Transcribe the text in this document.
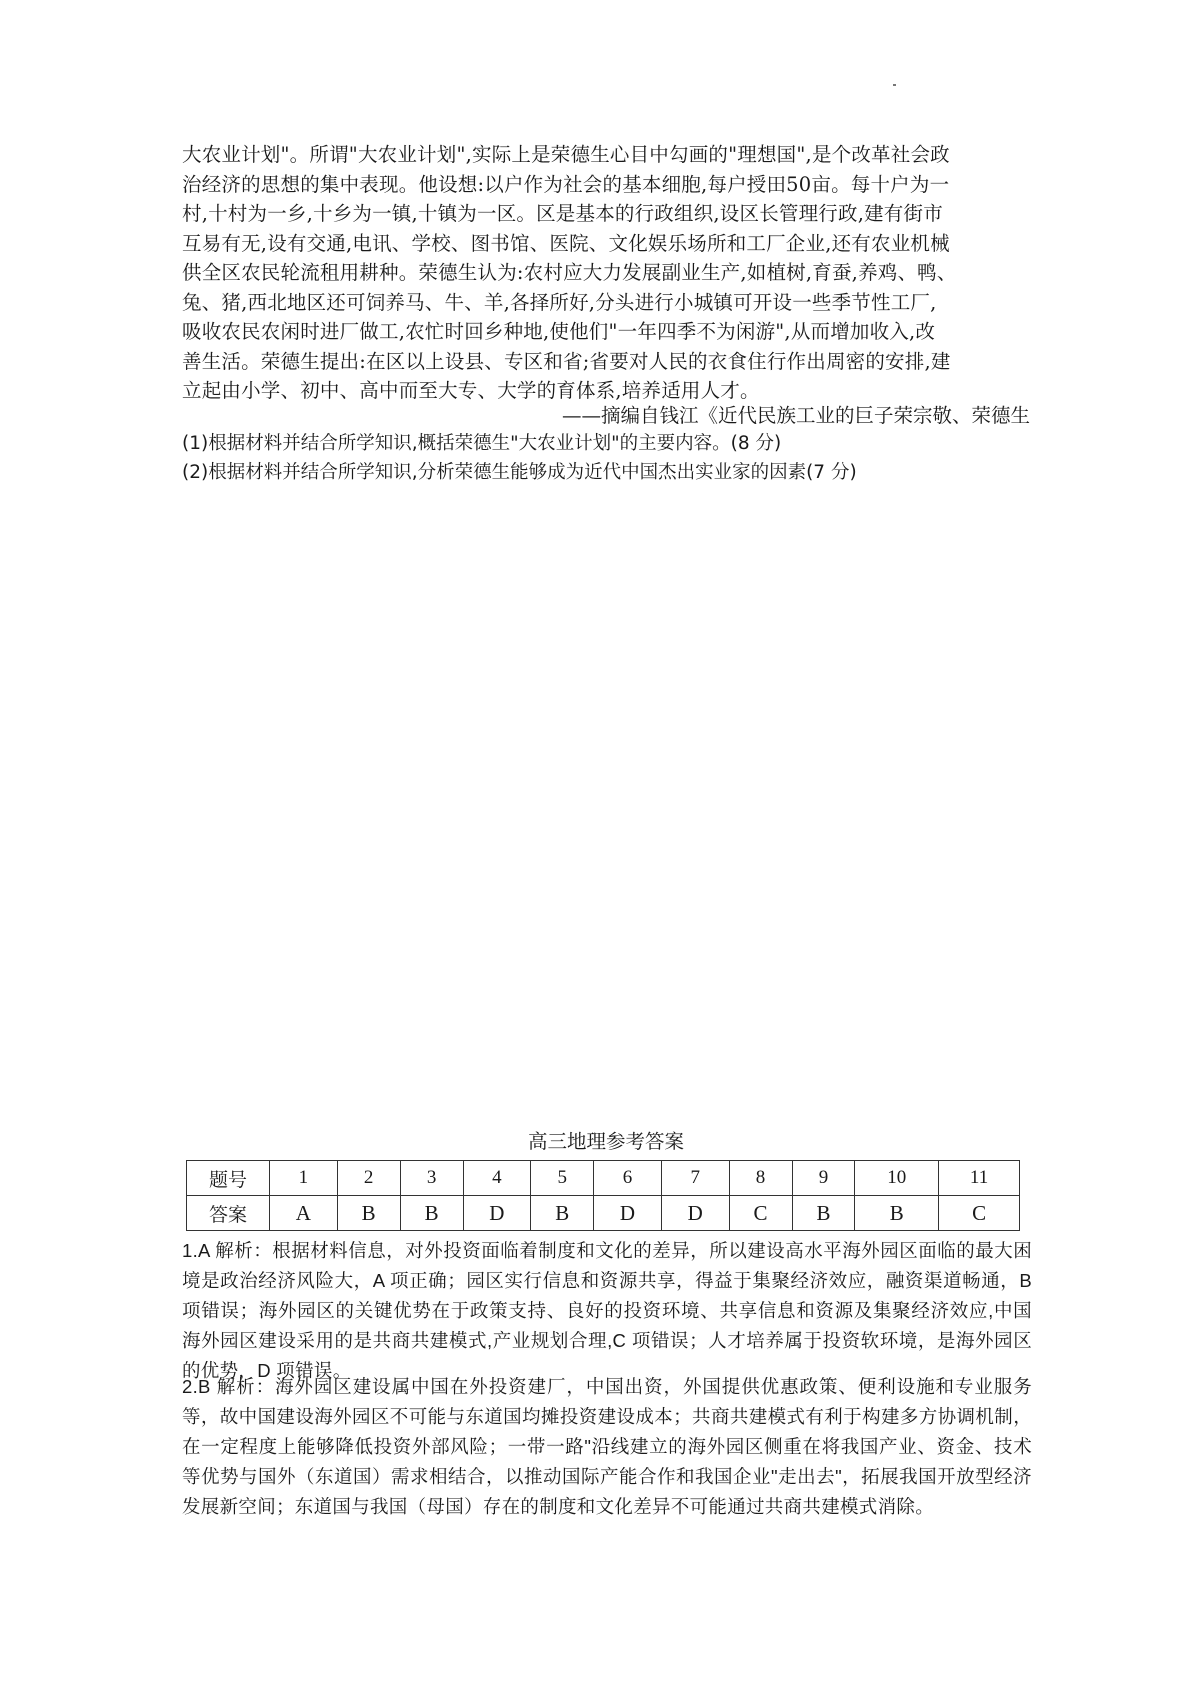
大农业计划"。所谓"大农业计划",实际上是荣德生心目中勾画的"理想国",是个改革社会政

治经济的思想的集中表现。他设想:以户作为社会的基本细胞,每户授田50亩。每十户为一

村,十村为一乡,十乡为一镇,十镇为一区。区是基本的行政组织,设区长管理行政,建有街市

互易有无,设有交通,电讯、学校、图书馆、医院、文化娱乐场所和工厂企业,还有农业机械

供全区农民轮流租用耕种。荣德生认为:农村应大力发展副业生产,如植树,育蚕,养鸡、鸭、

兔、猪,西北地区还可饲养马、牛、羊,各择所好,分头进行小城镇可开设一些季节性工厂,

吸收农民农闲时进厂做工,农忙时回乡种地,使他们"一年四季不为闲游",从而增加收入,改

善生活。荣德生提出:在区以上设县、专区和省;省要对人民的衣食住行作出周密的安排,建

立起由小学、初中、高中而至大专、大学的育体系,培养适用人才。

——摘编自钱江《近代民族工业的巨子荣宗敬、荣德生
(1)根据材料并结合所学知识,概括荣德生"大农业计划"的主要内容。(8 分)
(2)根据材料并结合所学知识,分析荣德生能够成为近代中国杰出实业家的因素(7 分)
高三地理参考答案
题号	1	2	3	4	5	6	7	8	9	10	11
答案	A	B	B	D	B	D	D	C	B	B	C

1.A 解析：根据材料信息，对外投资面临着制度和文化的差异，所以建设高水平海外园区面临的最大困境是政治经济风险大，A 项正确；园区实行信息和资源共享，得益于集聚经济效应，融资渠道畅通，B 项错误；海外园区的关键优势在于政策支持、良好的投资环境、共享信息和资源及集聚经济效应,中国海外园区建设采用的是共商共建模式,产业规划合理,C 项错误；人才培养属于投资软环境，是海外园区的优势，D 项错误。

2.B 解析：海外园区建设属中国在外投资建厂，中国出资，外国提供优惠政策、便利设施和专业服务等，故中国建设海外园区不可能与东道国均摊投资建设成本；共商共建模式有利于构建多方协调机制，在一定程度上能够降低投资外部风险；一带一路"沿线建立的海外园区侧重在将我国产业、资金、技术等优势与国外（东道国）需求相结合，以推动国际产能合作和我国企业"走出去"，拓展我国开放型经济发展新空间；东道国与我国（母国）存在的制度和文化差异不可能通过共商共建模式消除。
